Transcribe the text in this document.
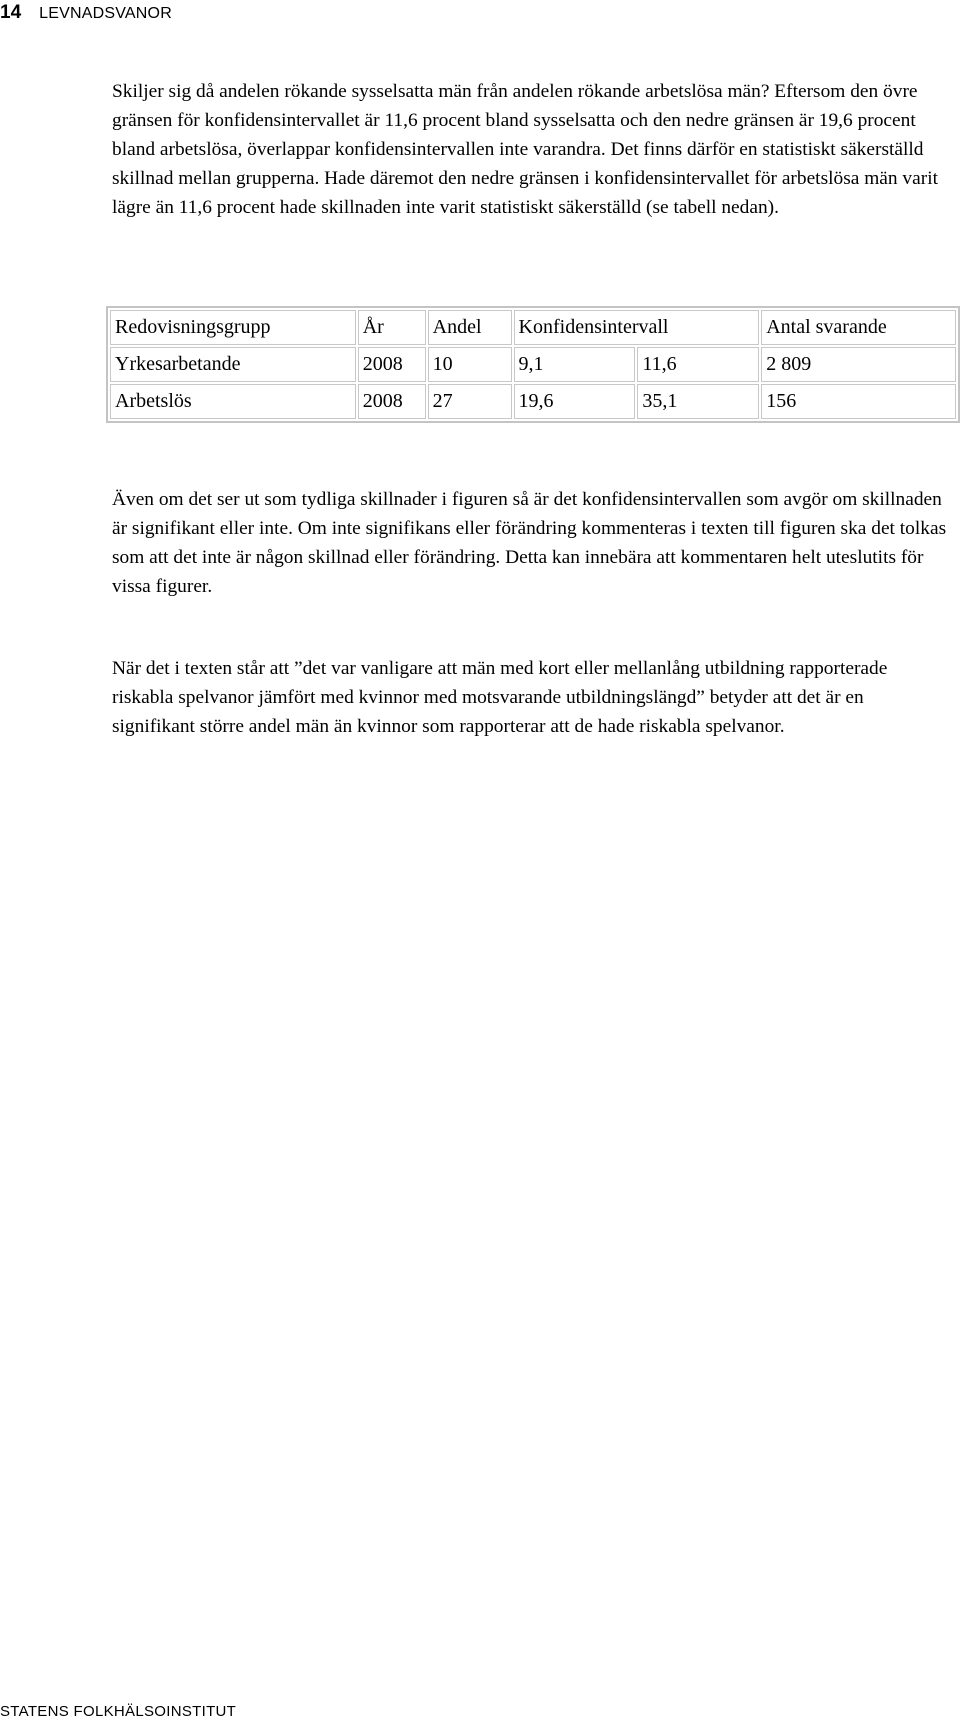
14 LEVNADSVANOR

Skiljer sig då andelen rökande sysselsatta män från andelen rökande arbetslösa män? Eftersom den övre gränsen för konfidensintervallet är 11,6 procent bland sysselsatta och den nedre gränsen är 19,6 procent bland arbetslösa, överlappar konfidensintervallen inte varandra. Det finns därför en statistiskt säkerställd skillnad mellan grupperna. Hade däremot den nedre gränsen i konfidensintervallet för arbetslösa män varit lägre än 11,6 procent hade skillnaden inte varit statistiskt säkerställd (se tabell nedan).

Redovisningsgrupp	År	Andel	Konfidensintervall		Antal svarande
Yrkesarbetande	2008	10	9,1	11,6	2 809
Arbetslös	2008	27	19,6	35,1	156

Även om det ser ut som tydliga skillnader i figuren så är det konfidensintervallen som avgör om skillnaden är signifikant eller inte. Om inte signifikans eller förändring kommenteras i texten till figuren ska det tolkas som att det inte är någon skillnad eller förändring. Detta kan innebära att kommentaren helt uteslutits för vissa figurer.

När det i texten står att ”det var vanligare att män med kort eller mellanlång utbildning rapporterade riskabla spelvanor jämfört med kvinnor med motsvarande utbildningslängd” betyder att det är en signifikant större andel män än kvinnor som rapporterar att de hade riskabla spelvanor.

STATENS FOLKHÄLSOINSTITUT
